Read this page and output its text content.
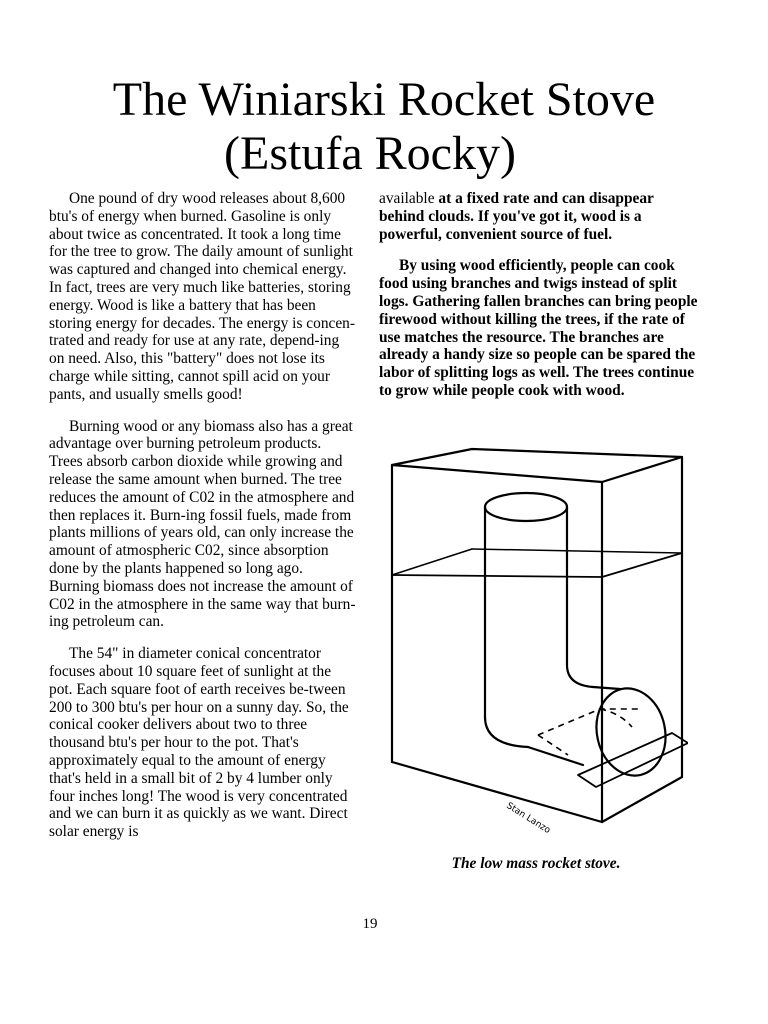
The Winiarski Rocket Stove
(Estufa Rocky)

One pound of dry wood releases about 8,600 btu's of energy when burned. Gasoline is only about twice as concentrated. It took a long time for the tree to grow. The daily amount of sunlight was captured and changed into chemical energy. In fact, trees are very much like batteries, storing energy. Wood is like a battery that has been storing energy for decades. The energy is concen-trated and ready for use at any rate, depend-ing on need. Also, this "battery" does not lose its charge while sitting, cannot spill acid on your pants, and usually smells good!

Burning wood or any biomass also has a great advantage over burning petroleum products. Trees absorb carbon dioxide while growing and release the same amount when burned. The tree reduces the amount of C02 in the atmosphere and then replaces it. Burn-ing fossil fuels, made from plants millions of years old, can only increase the amount of atmospheric C02, since absorption done by the plants happened so long ago. Burning biomass does not increase the amount of C02 in the atmosphere in the same way that burn-ing petroleum can.

The 54" in diameter conical concentrator focuses about 10 square feet of sunlight at the pot. Each square foot of earth receives be-tween 200 to 300 btu's per hour on a sunny day. So, the conical cooker delivers about two to three thousand btu's per hour to the pot. That's approximately equal to the amount of energy that's held in a small bit of 2 by 4 lumber only four inches long! The wood is very concentrated and we can burn it as quickly as we want. Direct solar energy is

available at a fixed rate and can disappear behind clouds. If you've got it, wood is a powerful, convenient source of fuel.

By using wood efficiently, people can cook food using branches and twigs instead of split logs. Gathering fallen branches can bring people firewood without killing the trees, if the rate of use matches the resource. The branches are already a handy size so people can be spared the labor of splitting logs as well. The trees continue to grow while people cook with wood.

Stan Lanzo
The low mass rocket stove.
19
